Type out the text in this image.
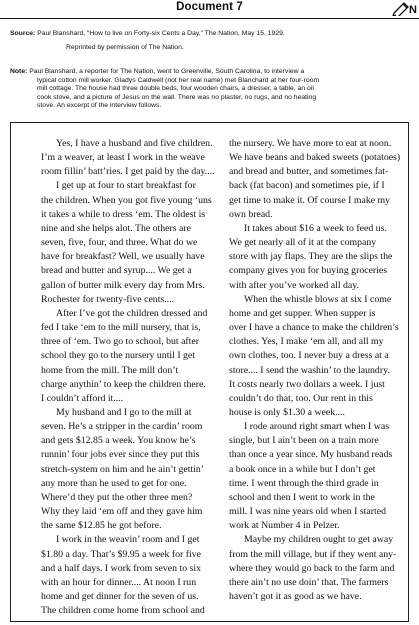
Document 7	N
Source: Paul Blanshard, “How to live on Forty-six Cents a Day,” The Nation, May 15, 1929.
Reprinted by permission of The Nation.
Note: Paul Blanshard, a reporter for The Nation, went to Greenville, South Carolina, to interview a
typical cotton mill worker. Gladys Caldwell (not her real name) met Blanchard at her four-room
mill cottage. The house had three double beds, four wooden chairs, a dresser, a table, an oil
cook stove, and a picture of Jesus on the wall. There was no plaster, no rugs, and no heating
stove. An excerpt of the interview follows.
Yes, I have a husband and five children.
I’m a weaver, at least I work in the weave
room fillin’ batt’ries. I get paid by the day....
I get up at four to start breakfast for
the children. When you got five young ‘uns
it takes a while to dress ‘em. The oldest is
nine and she helps alot. The others are
seven, five, four, and three. What do we
have for breakfast? Well, we usually have
bread and butter and syrup.... We get a
gallon of butter milk every day from Mrs.
Rochester for twenty-five cents....
After I’ve got the children dressed and
fed I take ‘em to the mill nursery, that is,
three of ‘em. Two go to school, but after
school they go to the nursery until I get
home from the mill. The mill don’t
charge anythin’ to keep the children there.
I couldn’t afford it....
My husband and I go to the mill at
seven. He’s a stripper in the cardin’ room
and gets $12.85 a week. You know he’s
runnin’ four jobs ever since they put this
stretch-system on him and he ain’t gettin’
any more than he used to get for one.
Where’d they put the other three men?
Why they laid ‘em off and they gave him
the same $12.85 he got before.
I work in the weavin’ room and I get
$1.80 a day. That’s $9.95 a week for five
and a half days. I work from seven to six
with an hour for dinner.... At noon I run
home and get dinner for the seven of us.
The children come home from school and
the nursery. We have more to eat at noon.
We have beans and baked sweets (potatoes)
and bread and butter, and sometimes fat-
back (fat bacon) and sometimes pie, if I
get time to make it. Of course I make my
own bread.
It takes about $16 a week to feed us.
We get nearly all of it at the company
store with jay flaps. They are the slips the
company gives you for buying groceries
with after you’ve worked all day.
When the whistle blows at six I come
home and get supper. When supper is
over I have a chance to make the children’s
clothes. Yes, I make ‘em all, and all my
own clothes, too. I never buy a dress at a
store.... I send the washin’ to the laundry.
It costs nearly two dollars a week. I just
couldn’t do that, too. Our rent in this
house is only $1.30 a week....
I rode around right smart when I was
single, but I ain’t been on a train more
than once a year since. My husband reads
a book once in a while but I don’t get
time. I went through the third grade in
school and then I went to work in the
mill. I was nine years old when I started
work at Number 4 in Pelzer.
Maybe my children ought to get away
from the mill village, but if they went any-
where they would go back to the farm and
there ain’t no use doin’ that. The farmers
haven’t got it as good as we have.
